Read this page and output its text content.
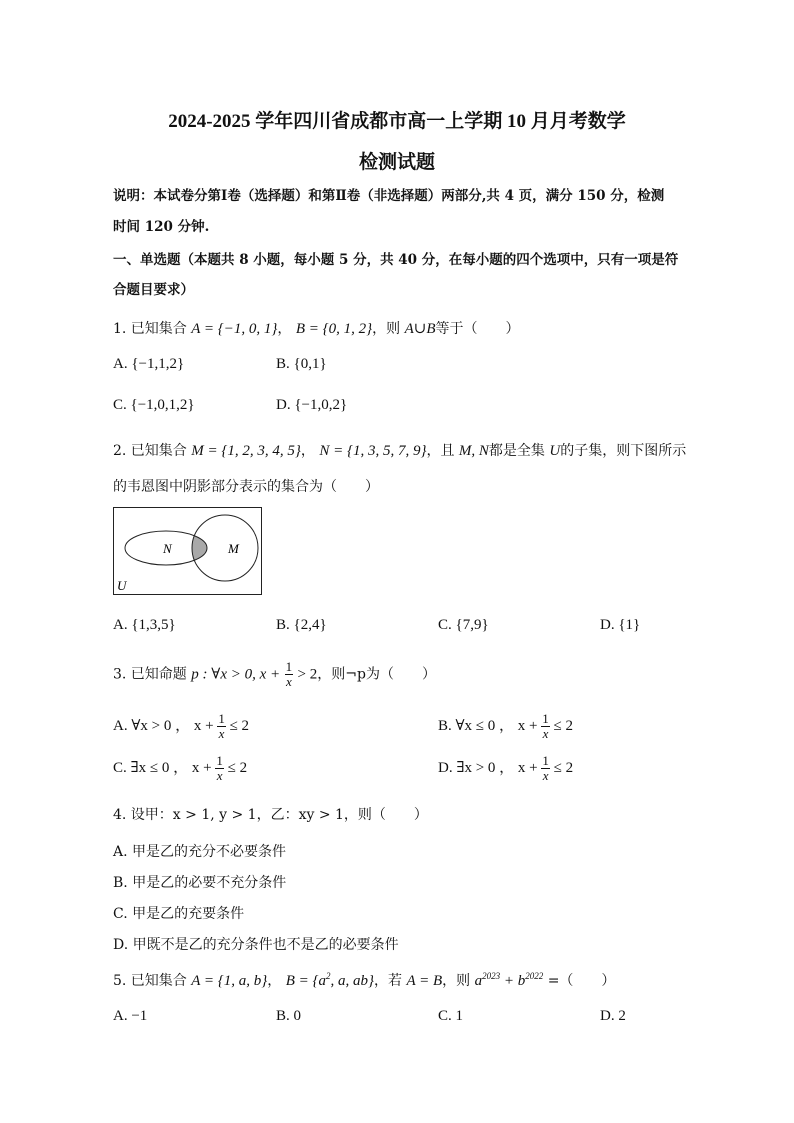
2024-2025 学年四川省成都市高一上学期 10 月月考数学
检测试题
说明：本试卷分第Ⅰ卷（选择题）和第Ⅱ卷（非选择题）两部分,共 4 页，满分 150 分，检测
时间 120 分钟.
一、单选题（本题共 8 小题，每小题 5 分，共 40 分，在每小题的四个选项中，只有一项是符
合题目要求）
1. 已知集合 A = {−1, 0, 1}， B = {0, 1, 2}，则 A∪B等于（　　）
A. {−1,1,2}	B. {0,1}
C. {−1,0,1,2}	D. {−1,0,2}
2. 已知集合 M = {1, 2, 3, 4, 5}， N = {1, 3, 5, 7, 9}，且 M, N都是全集 U的子集，则下图所示
的韦恩图中阴影部分表示的集合为（　　）
N	M
U
A. {1,3,5}	B. {2,4}	C. {7,9}	D. {1}
3. 已知命题 p : ∀x > 0, $x + \frac{1}{x} > 2$，则¬p为（　　）
A. ∀x > 0 ， $x + \frac{1}{x} \le 2$	B. ∀x ≤ 0 ， $x + \frac{1}{x} \le 2$
C. ∃x ≤ 0 ， $x + \frac{1}{x} \le 2$	D. ∃x > 0 ， $x + \frac{1}{x} \le 2$
4. 设甲：x > 1, y > 1，乙：xy > 1，则（　　）
A. 甲是乙的充分不必要条件
B. 甲是乙的必要不充分条件
C. 甲是乙的充要条件
D. 甲既不是乙的充分条件也不是乙的必要条件
5. 已知集合 A = {1, a, b}， $B = \{a^2$, a, ab}，若 A = B，则 $a^{2023} + b^{2022}$ =（　　）
A. −1	B. 0	C. 1	D. 2
